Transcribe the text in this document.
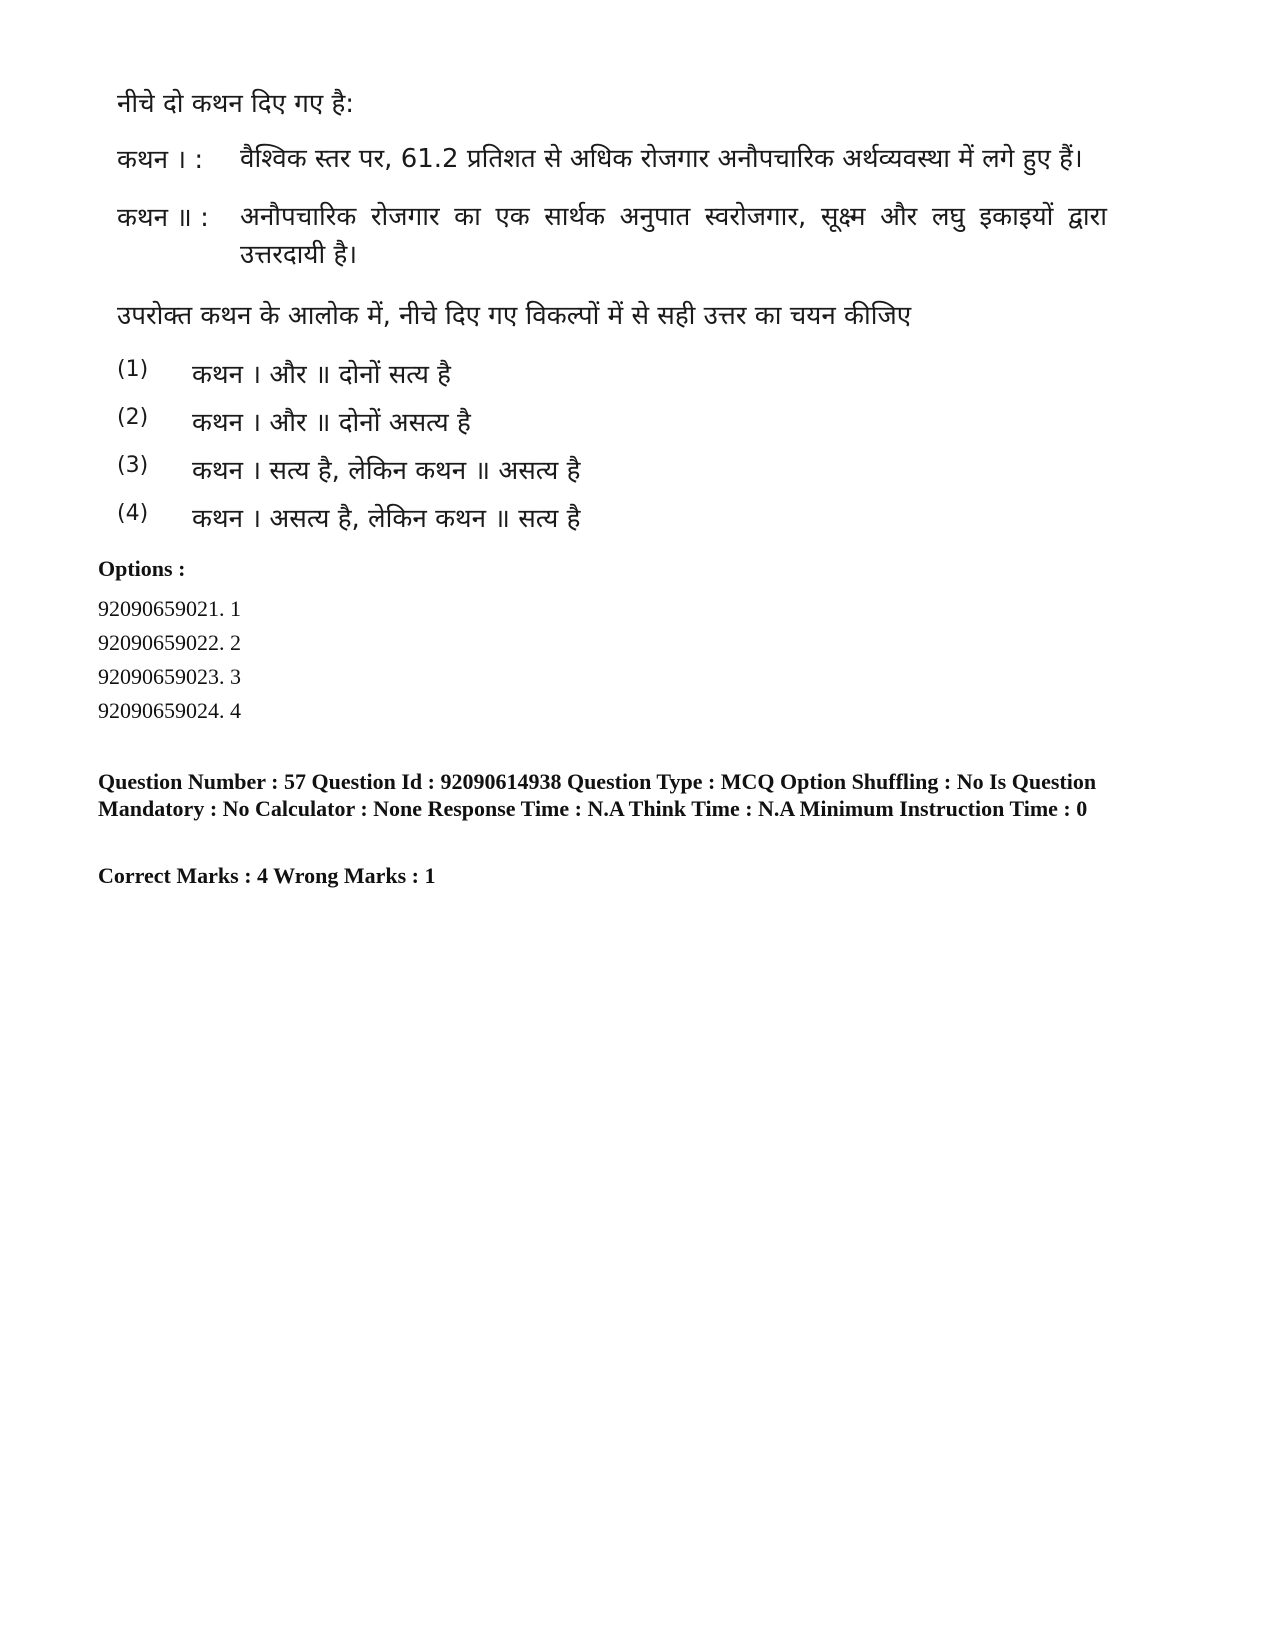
नीचे दो कथन दिए गए है:
कथन । : वैश्विक स्तर पर, 61.2 प्रतिशत से अधिक रोजगार अनौपचारिक अर्थव्यवस्था में लगे हुए हैं।
कथन ॥ : अनौपचारिक रोजगार का एक सार्थक अनुपात स्वरोजगार, सूक्ष्म और लघु इकाइयों द्वारा उत्तरदायी है।
उपरोक्त कथन के आलोक में, नीचे दिए गए विकल्पों में से सही उत्तर का चयन कीजिए
(1) कथन । और ॥ दोनों सत्य है
(2) कथन । और ॥ दोनों असत्य है
(3) कथन । सत्य है, लेकिन कथन ॥ असत्य है
(4) कथन । असत्य है, लेकिन कथन ॥ सत्य है
Options :
92090659021. 1
92090659022. 2
92090659023. 3
92090659024. 4

Question Number : 57 Question Id : 92090614938 Question Type : MCQ Option Shuffling : No Is Question Mandatory : No Calculator : None Response Time : N.A Think Time : N.A Minimum Instruction Time : 0

Correct Marks : 4 Wrong Marks : 1
